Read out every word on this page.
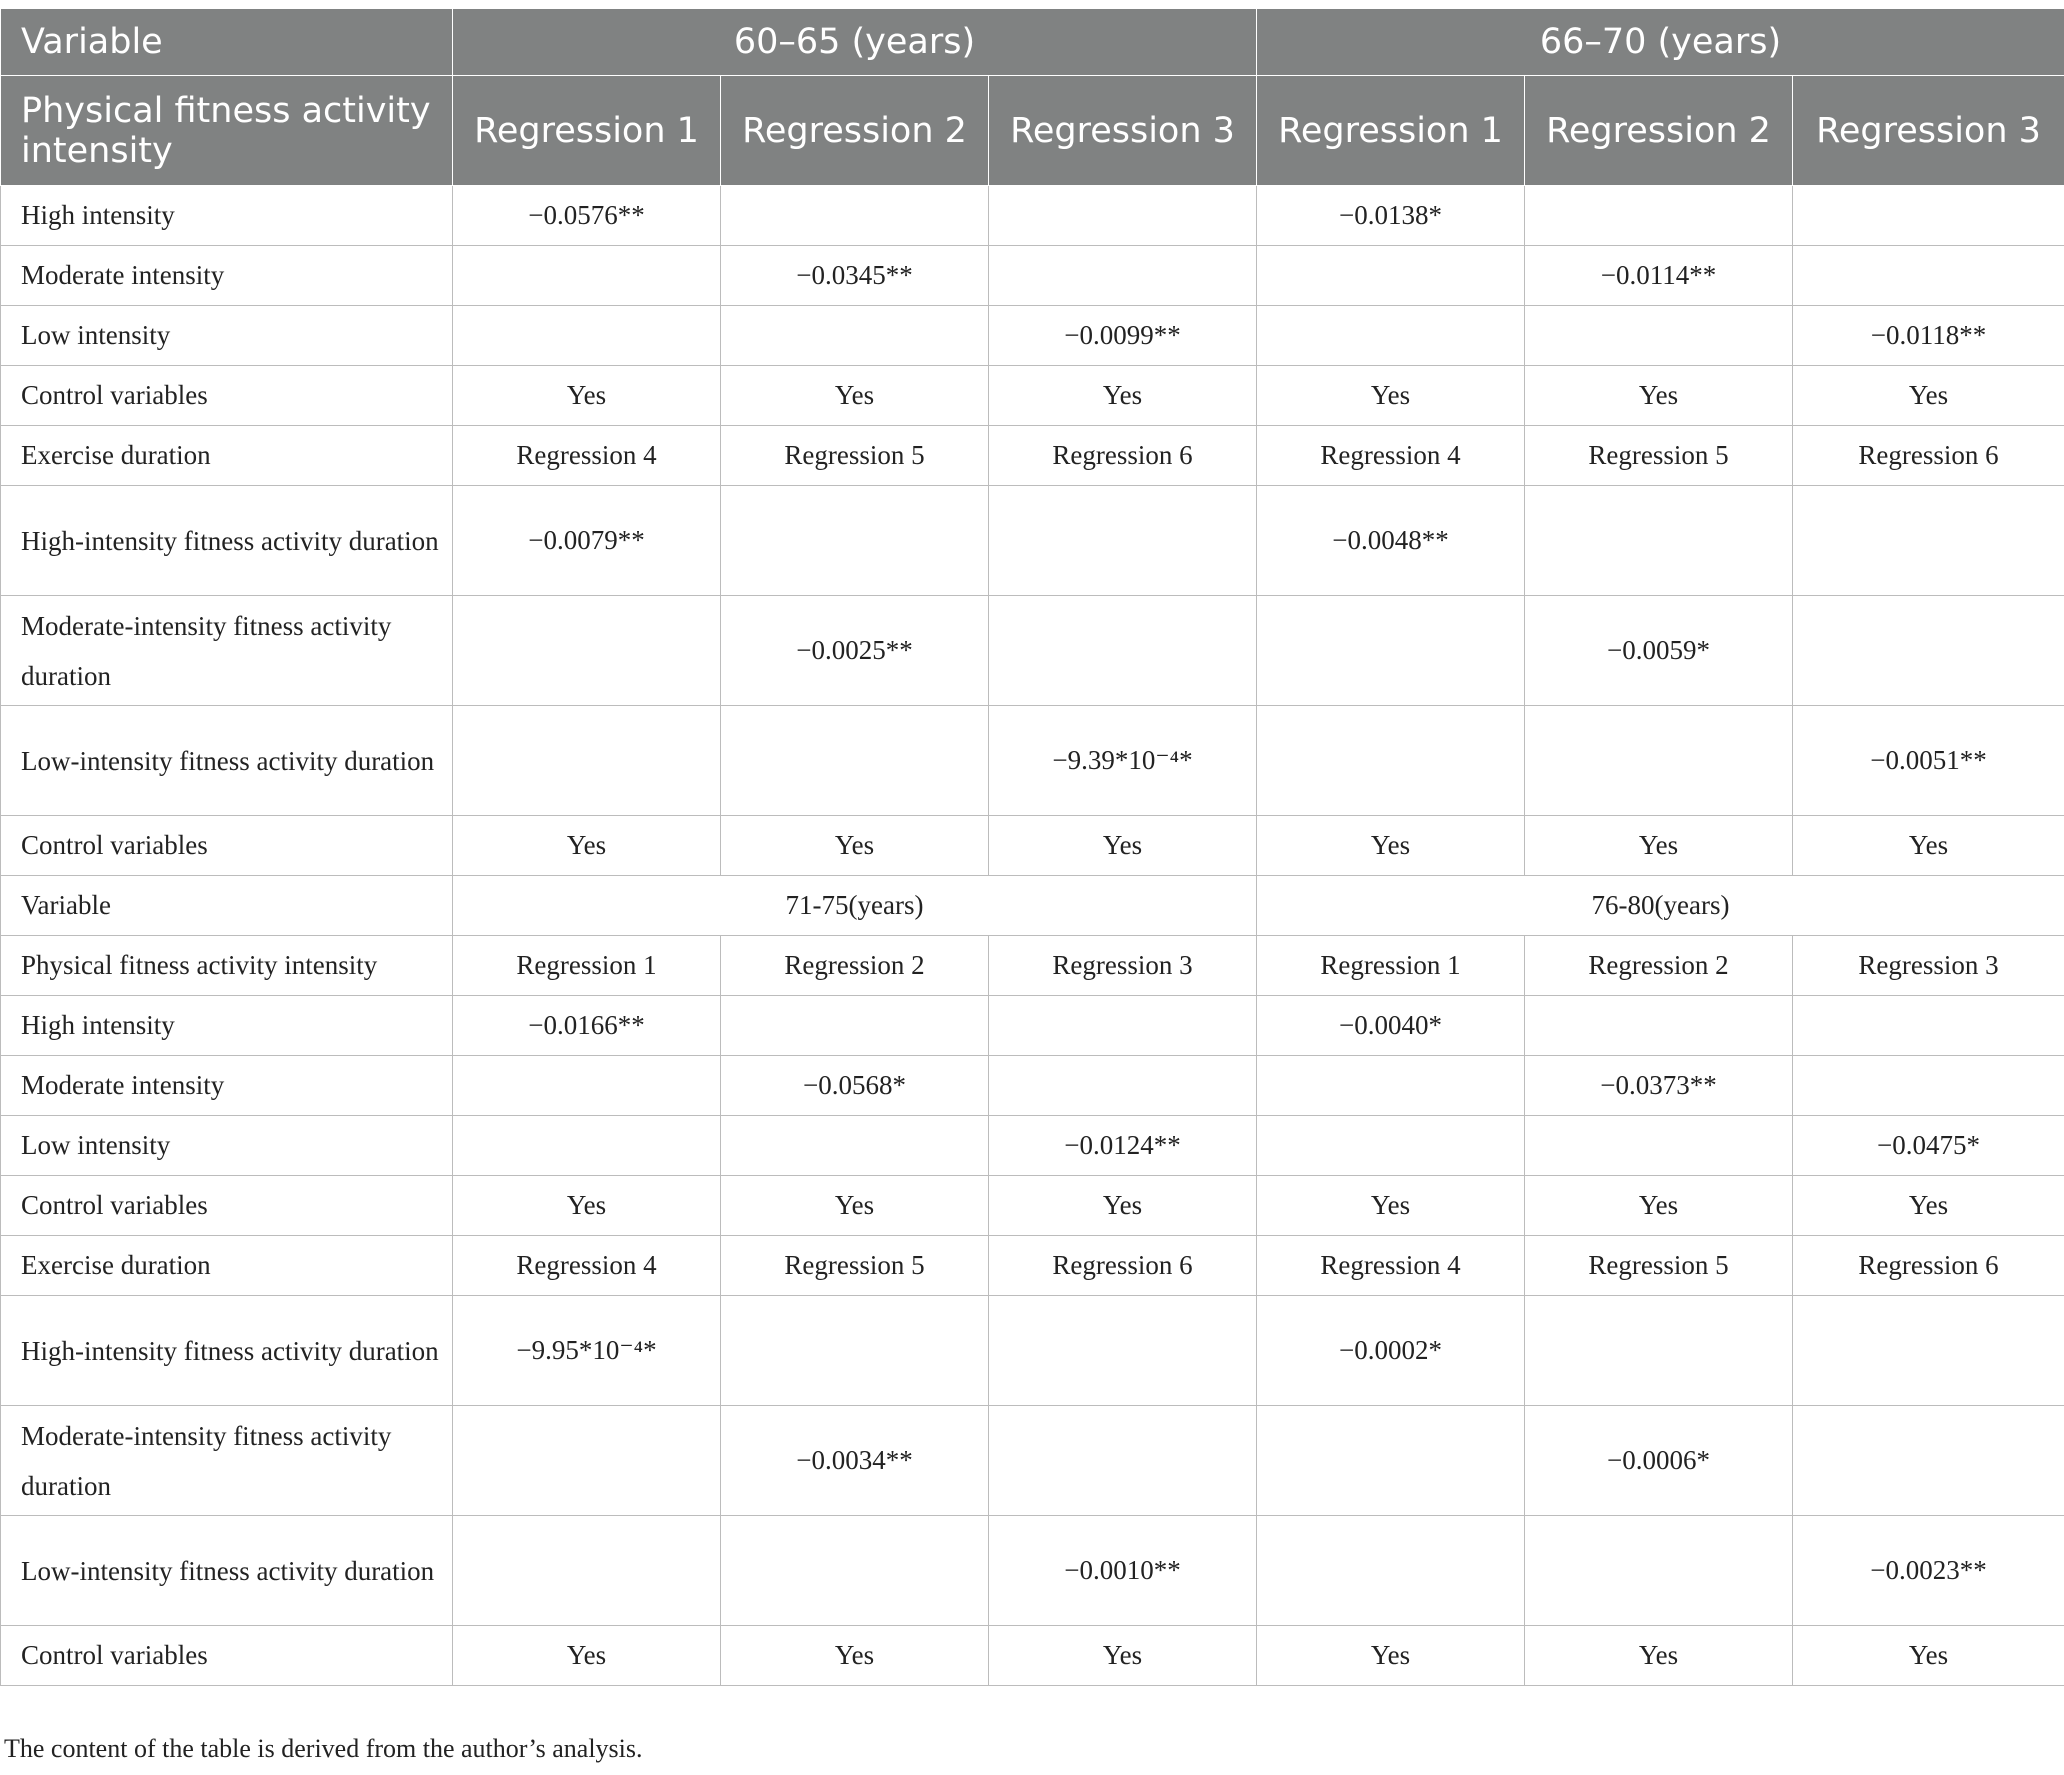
Variable	60–65 (years)			66–70 (years)		
Physical fitness activity intensity	Regression 1	Regression 2	Regression 3	Regression 1	Regression 2	Regression 3
High intensity	−0.0576**			−0.0138*		
Moderate intensity		−0.0345**			−0.0114**	
Low intensity			−0.0099**			−0.0118**
Control variables	Yes	Yes	Yes	Yes	Yes	Yes
Exercise duration	Regression 4	Regression 5	Regression 6	Regression 4	Regression 5	Regression 6
High-intensity fitness activity duration	−0.0079**			−0.0048**		
Moderate-intensity fitness activity duration		−0.0025**			−0.0059*	
Low-intensity fitness activity duration			−9.39*10⁻⁴*			−0.0051**
Control variables	Yes	Yes	Yes	Yes	Yes	Yes
Variable	71-75(years)			76-80(years)		
Physical fitness activity intensity	Regression 1	Regression 2	Regression 3	Regression 1	Regression 2	Regression 3
High intensity	−0.0166**			−0.0040*		
Moderate intensity		−0.0568*			−0.0373**	
Low intensity			−0.0124**			−0.0475*
Control variables	Yes	Yes	Yes	Yes	Yes	Yes
Exercise duration	Regression 4	Regression 5	Regression 6	Regression 4	Regression 5	Regression 6
High-intensity fitness activity duration	−9.95*10⁻⁴*			−0.0002*		
Moderate-intensity fitness activity duration		−0.0034**			−0.0006*	
Low-intensity fitness activity duration			−0.0010**			−0.0023**
Control variables	Yes	Yes	Yes	Yes	Yes	Yes
The content of the table is derived from the author’s analysis.
